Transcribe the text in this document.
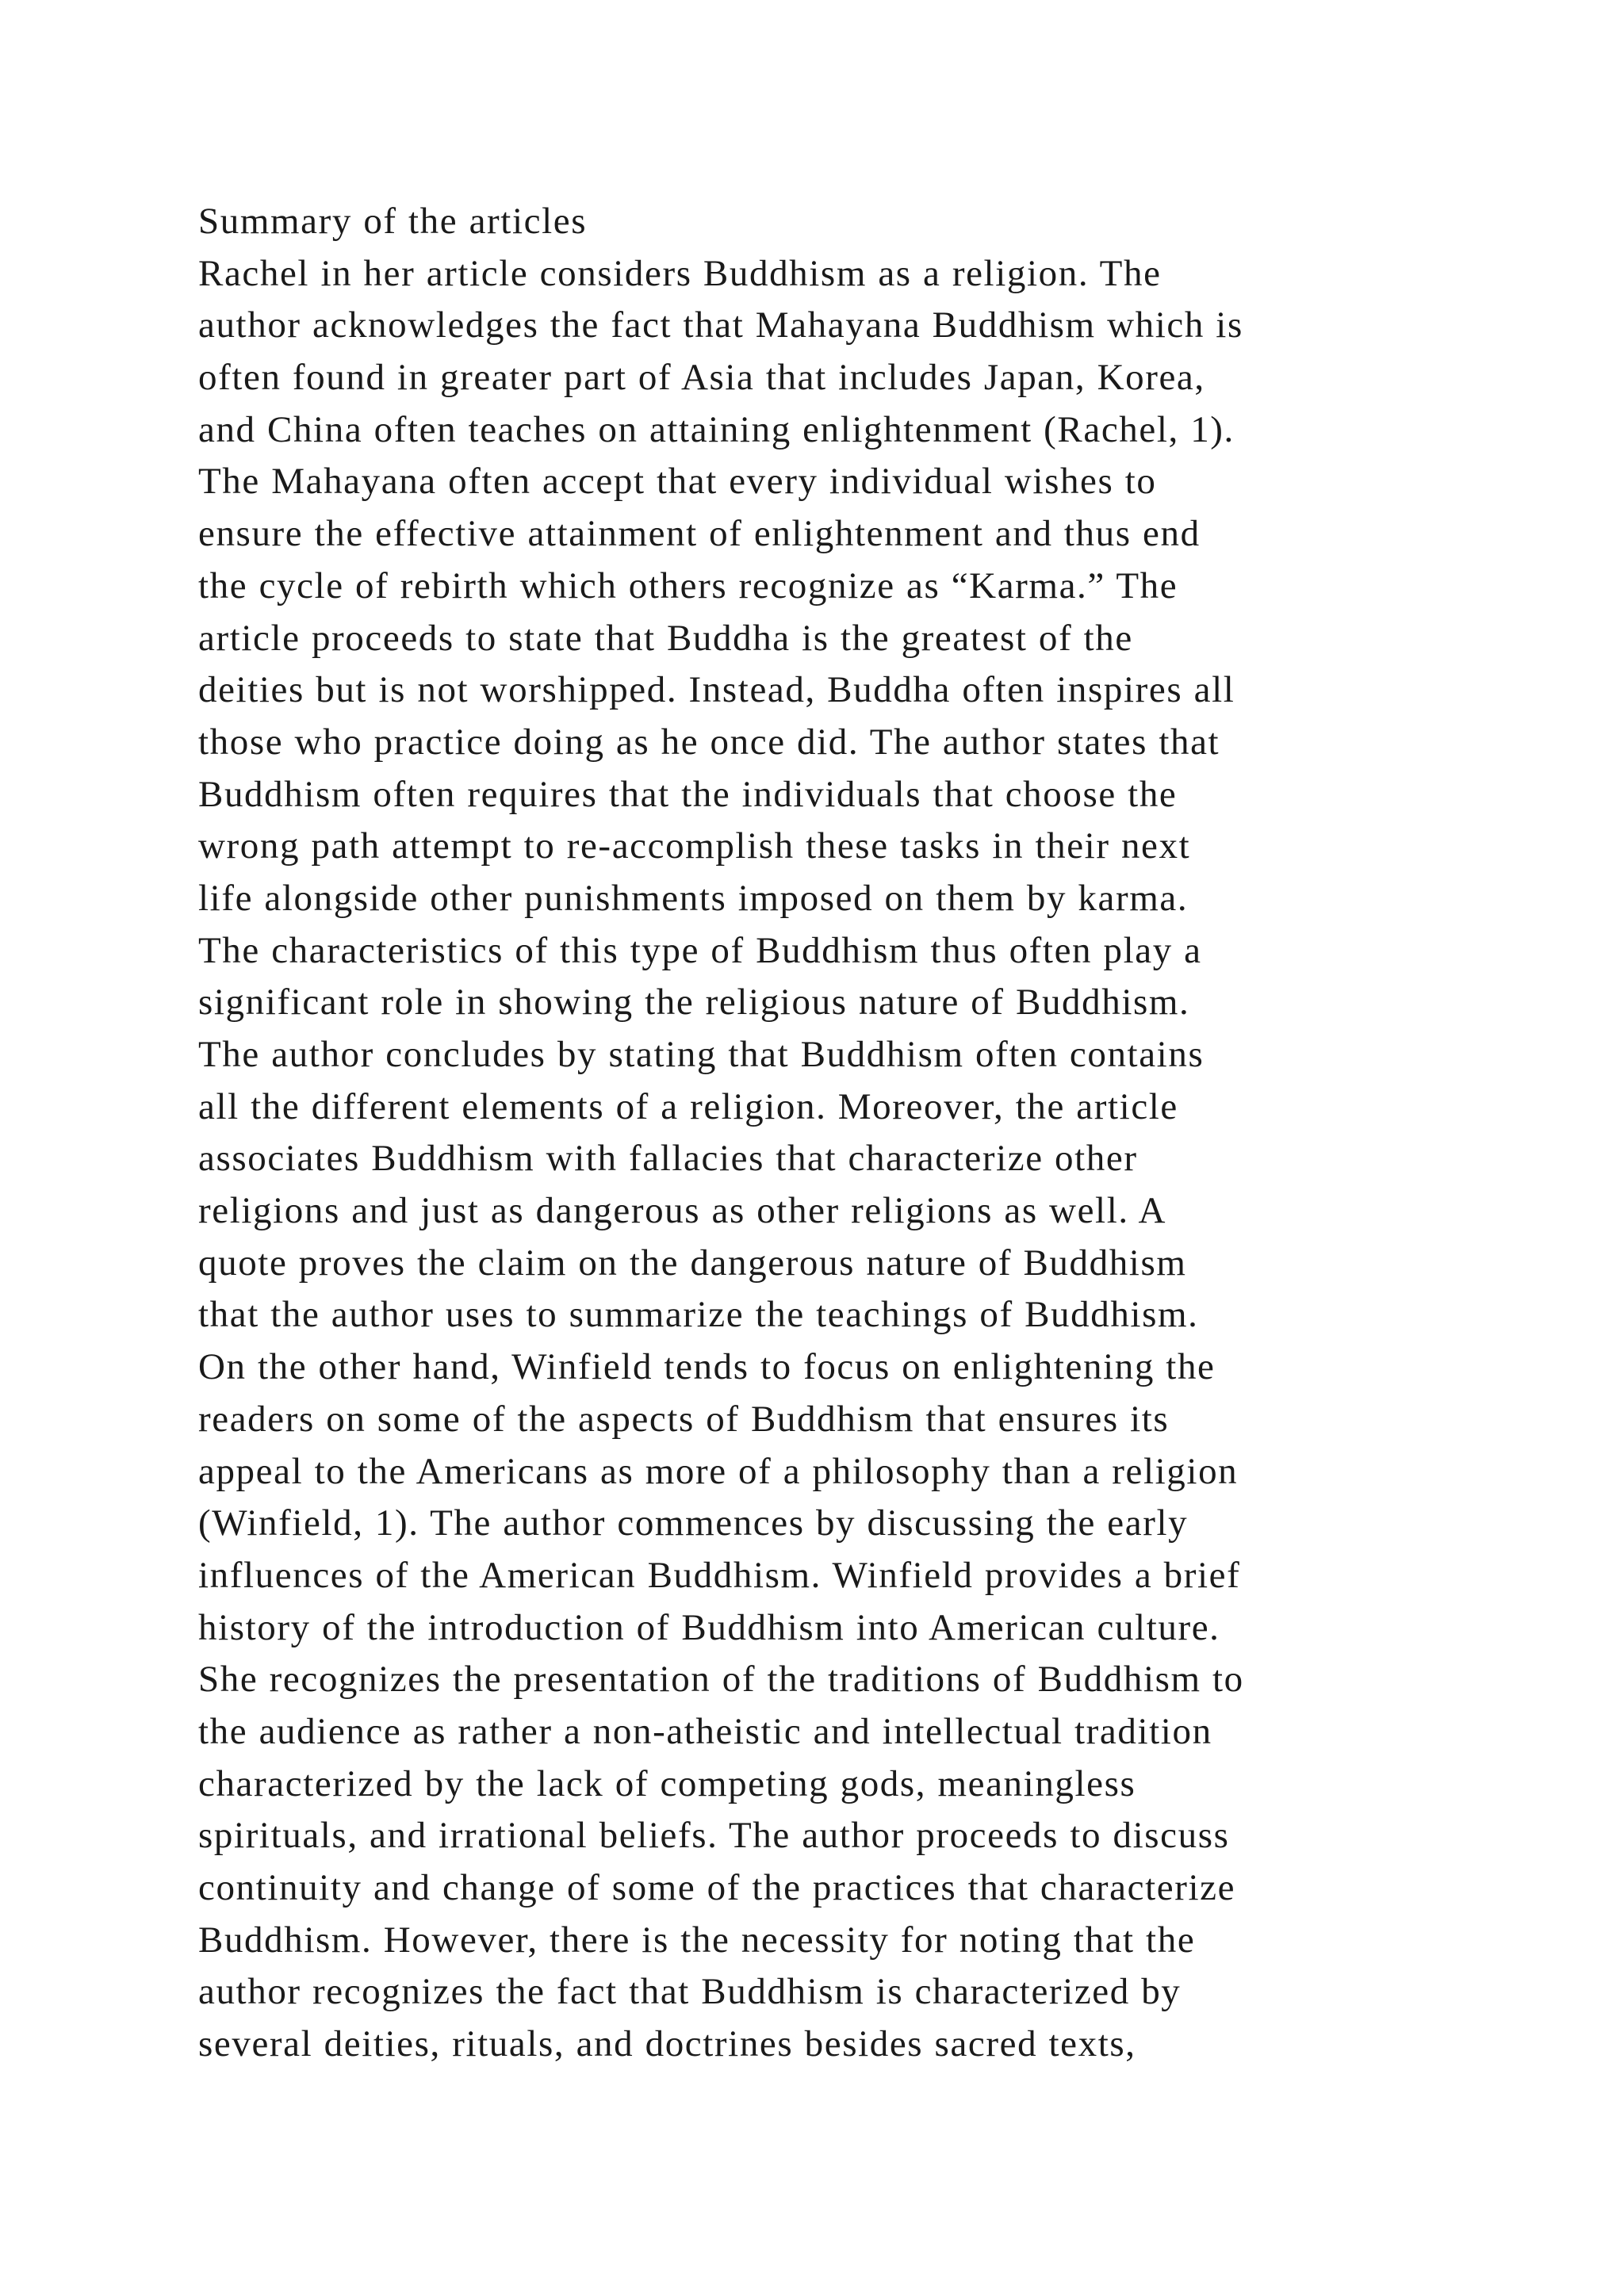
Summary of the articles
Rachel in her article considers Buddhism as a religion. The
author acknowledges the fact that Mahayana Buddhism which is
often found in greater part of Asia that includes Japan, Korea,
and China often teaches on attaining enlightenment (Rachel, 1).
The Mahayana often accept that every individual wishes to
ensure the effective attainment of enlightenment and thus end
the cycle of rebirth which others recognize as “Karma.” The
article proceeds to state that Buddha is the greatest of the
deities but is not worshipped. Instead, Buddha often inspires all
those who practice doing as he once did. The author states that
Buddhism often requires that the individuals that choose the
wrong path attempt to re-accomplish these tasks in their next
life alongside other punishments imposed on them by karma.
The characteristics of this type of Buddhism thus often play a
significant role in showing the religious nature of Buddhism.
The author concludes by stating that Buddhism often contains
all the different elements of a religion. Moreover, the article
associates Buddhism with fallacies that characterize other
religions and just as dangerous as other religions as well. A
quote proves the claim on the dangerous nature of Buddhism
that the author uses to summarize the teachings of Buddhism.
On the other hand, Winfield tends to focus on enlightening the
readers on some of the aspects of Buddhism that ensures its
appeal to the Americans as more of a philosophy than a religion
(Winfield, 1). The author commences by discussing the early
influences of the American Buddhism. Winfield provides a brief
history of the introduction of Buddhism into American culture.
She recognizes the presentation of the traditions of Buddhism to
the audience as rather a non-atheistic and intellectual tradition
characterized by the lack of competing gods, meaningless
spirituals, and irrational beliefs. The author proceeds to discuss
continuity and change of some of the practices that characterize
Buddhism. However, there is the necessity for noting that the
author recognizes the fact that Buddhism is characterized by
several deities, rituals, and doctrines besides sacred texts,
